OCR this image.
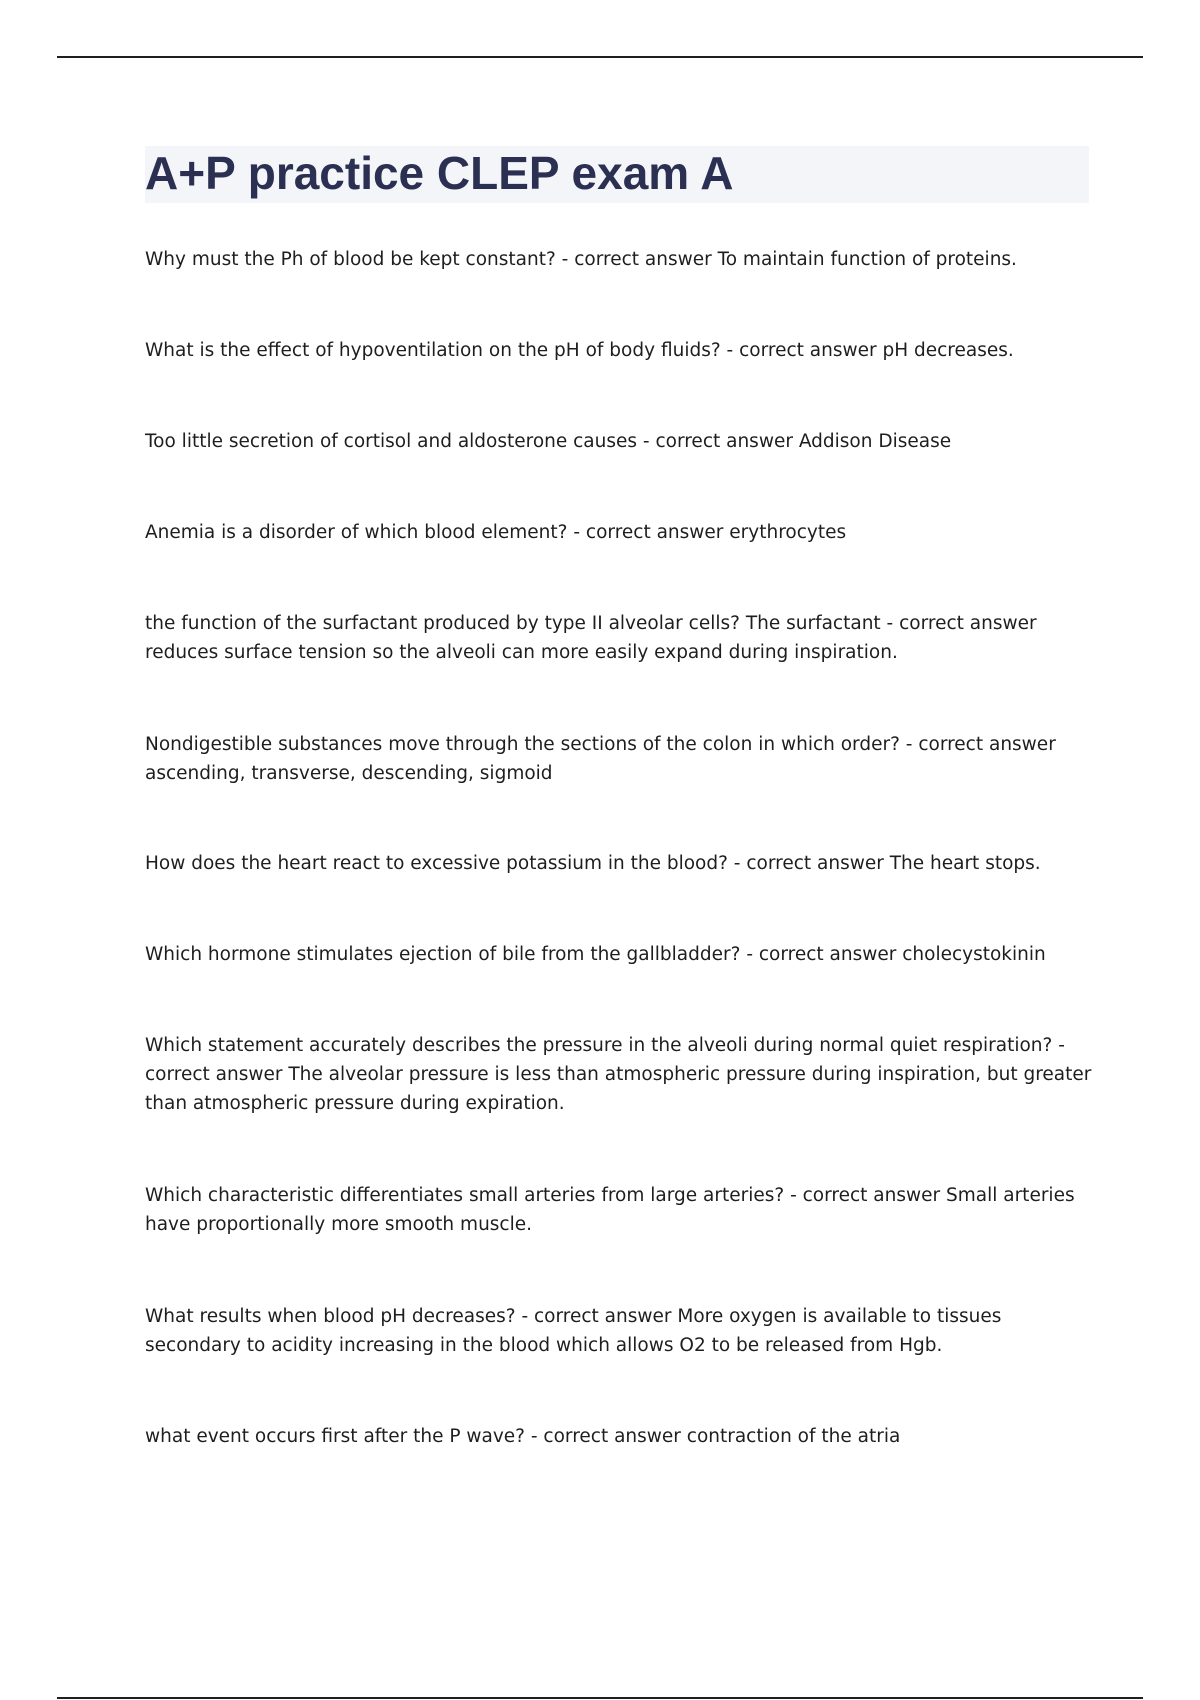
A+P practice CLEP exam A

Why must the Ph of blood be kept constant? - correct answer To maintain function of proteins.

What is the effect of hypoventilation on the pH of body fluids? - correct answer pH decreases.

Too little secretion of cortisol and aldosterone causes - correct answer Addison Disease

Anemia is a disorder of which blood element? - correct answer erythrocytes

the function of the surfactant produced by type II alveolar cells? The surfactant - correct answer reduces surface tension so the alveoli can more easily expand during inspiration.

Nondigestible substances move through the sections of the colon in which order? - correct answer ascending, transverse, descending, sigmoid

How does the heart react to excessive potassium in the blood? - correct answer The heart stops.

Which hormone stimulates ejection of bile from the gallbladder? - correct answer cholecystokinin

Which statement accurately describes the pressure in the alveoli during normal quiet respiration? - correct answer The alveolar pressure is less than atmospheric pressure during inspiration, but greater than atmospheric pressure during expiration.

Which characteristic differentiates small arteries from large arteries? - correct answer Small arteries have proportionally more smooth muscle.

What results when blood pH decreases? - correct answer More oxygen is available to tissues secondary to acidity increasing in the blood which allows O2 to be released from Hgb.

what event occurs first after the P wave? - correct answer contraction of the atria
